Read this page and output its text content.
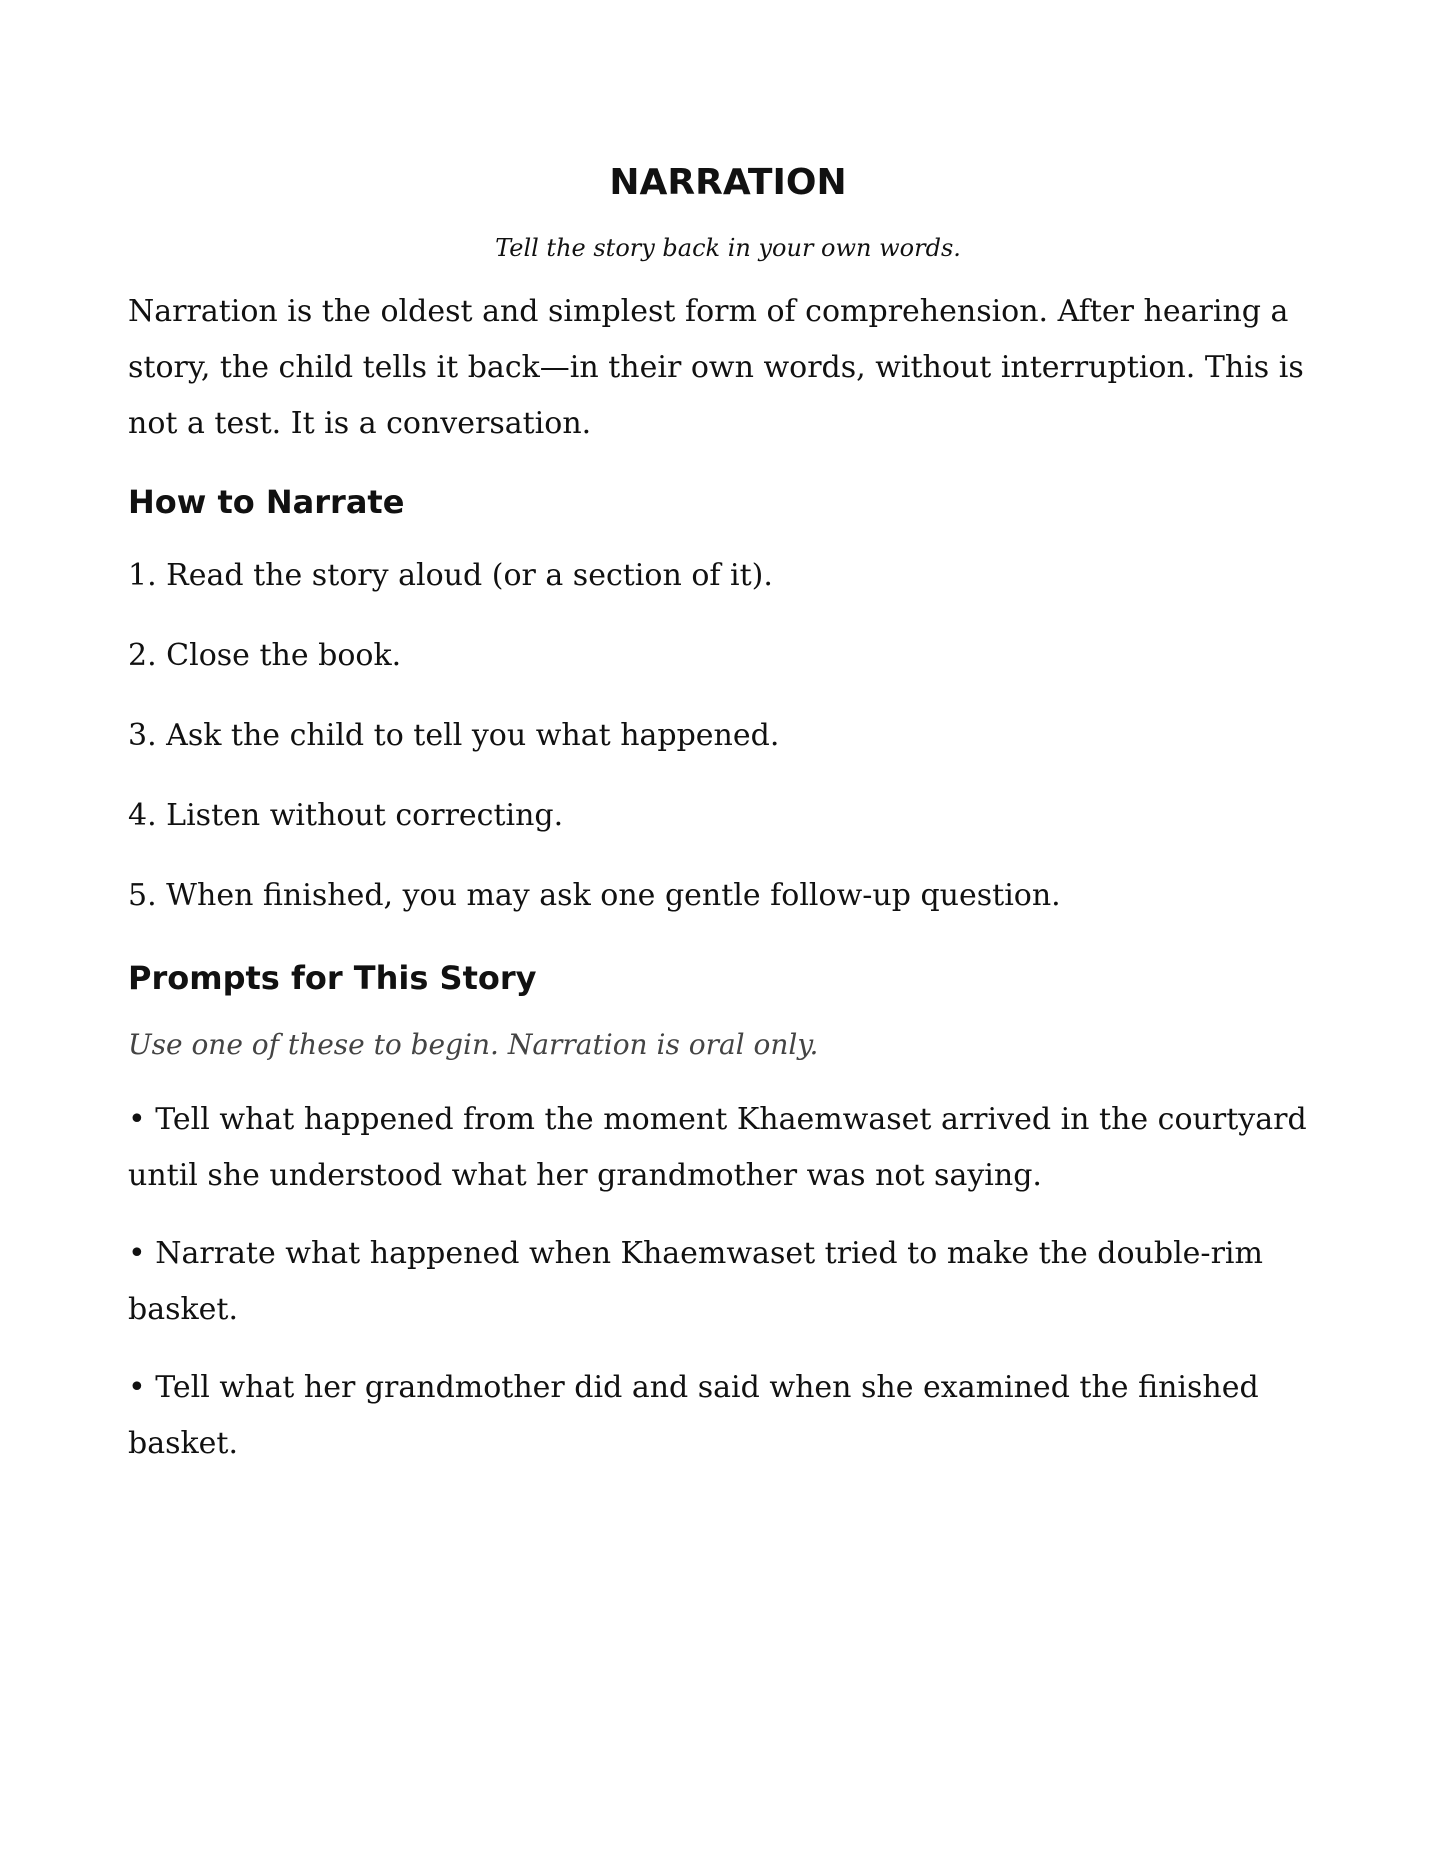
NARRATION

Tell the story back in your own words.

Narration is the oldest and simplest form of comprehension. After hearing a story, the child tells it back—in their own words, without interruption. This is not a test. It is a conversation.

How to Narrate
1. Read the story aloud (or a section of it).
2. Close the book.
3. Ask the child to tell you what happened.
4. Listen without correcting.
5. When finished, you may ask one gentle follow-up question.
Prompts for This Story

Use one of these to begin. Narration is oral only.

• Tell what happened from the moment Khaemwaset arrived in the courtyard until she understood what her grandmother was not saying.
• Narrate what happened when Khaemwaset tried to make the double-rim basket.
• Tell what her grandmother did and said when she examined the finished basket.
